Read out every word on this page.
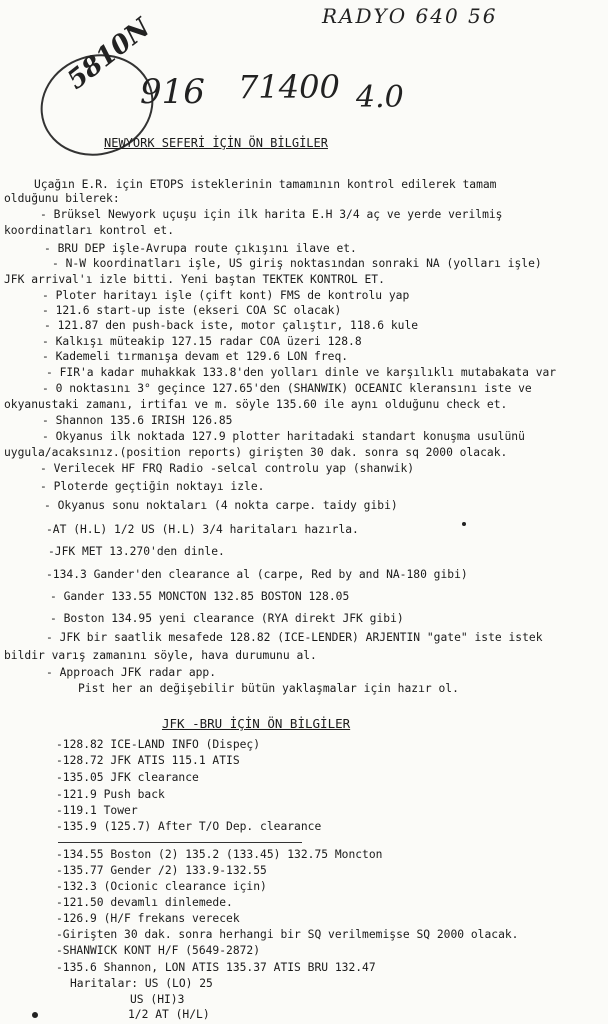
RADYO 640 56
5810N
916 71400 4.0
NEWYORK SEFERİ İÇİN ÖN BİLGİLER
Uçağın E.R. için ETOPS isteklerinin tamamının kontrol edilerek tamam
olduğunu bilerek:
- Brüksel Newyork uçuşu için ilk harita E.H 3/4 aç ve yerde verilmiş
koordinatları kontrol et.
- BRU DEP işle-Avrupa route çıkışını ilave et.
- N-W koordinatları işle, US giriş noktasından sonraki NA (yolları işle)
JFK arrival'ı izle bitti. Yeni baştan TEKTEK KONTROL ET.
- Ploter haritayı işle (çift kont) FMS de kontrolu yap
- 121.6 start-up iste (ekseri COA SC olacak)
- 121.87 den push-back iste, motor çalıştır, 118.6 kule
- Kalkışı müteakip 127.15 radar COA üzeri 128.8
- Kademeli tırmanışa devam et 129.6 LON freq.
- FIR'a kadar muhakkak 133.8'den yolları dinle ve karşılıklı mutabakata var
- 0 noktasını 3° geçince 127.65'den (SHANWIK) OCEANIC kleransını iste ve
okyanustaki zamanı, irtifaı ve m. söyle 135.60 ile aynı olduğunu check et.
- Shannon 135.6 IRISH 126.85
- Okyanus ilk noktada 127.9 plotter haritadaki standart konuşma usulünü
uygula/acaksınız.(position reports) girişten 30 dak. sonra sq 2000 olacak.
- Verilecek HF FRQ Radio -selcal controlu yap (shanwik)
- Ploterde geçtiğin noktayı izle.
- Okyanus sonu noktaları (4 nokta carpe. taidy gibi)
-AT (H.L) 1/2 US (H.L) 3/4 haritaları hazırla.
-JFK MET 13.270'den dinle.
-134.3 Gander'den clearance al (carpe, Red by and NA-180 gibi)
- Gander 133.55 MONCTON 132.85 BOSTON 128.05
- Boston 134.95 yeni clearance (RYA direkt JFK gibi)
- JFK bir saatlik mesafede 128.82 (ICE-LENDER) ARJENTIN "gate" iste istek
bildir varış zamanını söyle, hava durumunu al.
- Approach JFK radar app.
Pist her an değişebilir bütün yaklaşmalar için hazır ol.
JFK -BRU İÇİN ÖN BİLGİLER
-128.82 ICE-LAND INFO (Dispeç)
-128.72 JFK ATIS 115.1 ATIS
-135.05 JFK clearance
-121.9 Push back
-119.1 Tower
-135.9 (125.7) After T/O Dep. clearance
-134.55 Boston (2) 135.2 (133.45) 132.75 Moncton
-135.77 Gender /2) 133.9-132.55
-132.3 (Ocionic clearance için)
-121.50 devamlı dinlemede.
-126.9 (H/F frekans verecek
-Girişten 30 dak. sonra herhangi bir SQ verilmemişse SQ 2000 olacak.
-SHANWICK KONT H/F (5649-2872)
-135.6 Shannon, LON ATIS 135.37 ATIS BRU 132.47
Haritalar: US (LO) 25
US (HI)3
1/2 AT (H/L)
